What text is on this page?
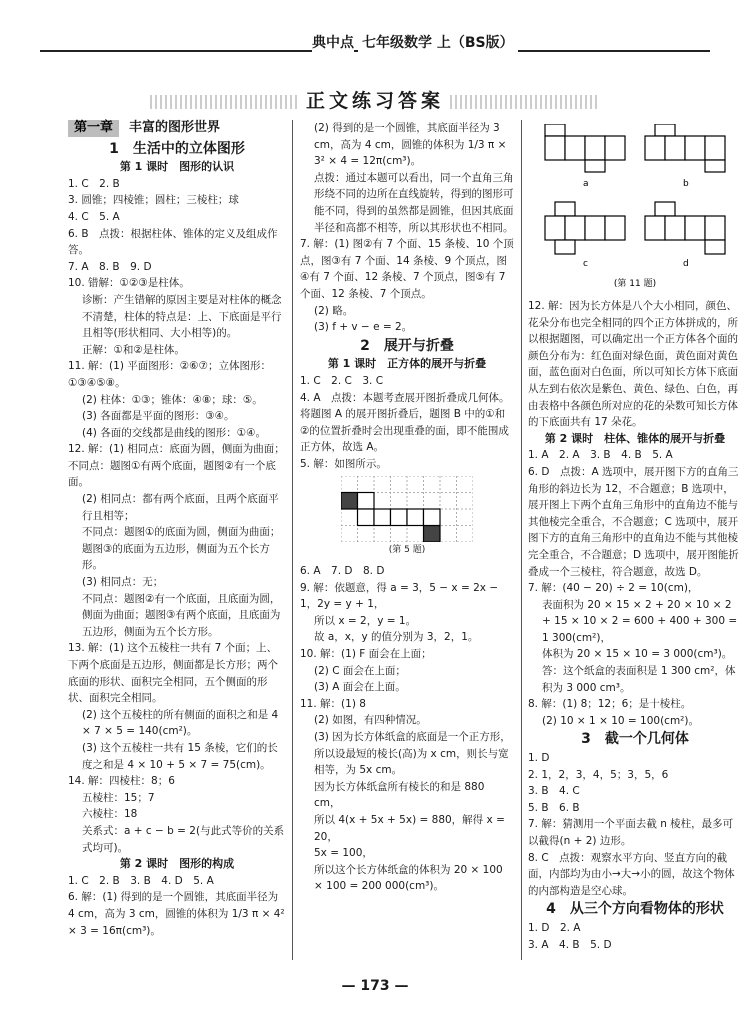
典中点 七年级数学 上（BS版）
正文练习答案
第一章 丰富的图形世界

1　生活中的立体图形

第 1 课时　图形的认识

1. C　2. B

3. 圆锥；四棱锥；圆柱；三棱柱；球

4. C　5. A

6. B　点拨：根据柱体、锥体的定义及组成作答。

7. A　8. B　9. D

10. 错解：①②③是柱体。

诊断：产生错解的原因主要是对柱体的概念不清楚，柱体的特点是：上、下底面是平行且相等(形状相同、大小相等)的。

正解：①和②是柱体。

11. 解：(1) 平面图形：②⑥⑦；立体图形：①③④⑤⑧。

(2) 柱体：①③；锥体：④⑧；球：⑤。

(3) 各面都是平面的图形：③④。

(4) 各面的交线都是曲线的图形：①④。

12. 解：(1) 相同点：底面为圆，侧面为曲面；不同点：题图①有两个底面，题图②有一个底面。

(2) 相同点：都有两个底面，且两个底面平行且相等；

不同点：题图①的底面为圆，侧面为曲面；题图③的底面为五边形，侧面为五个长方形。

(3) 相同点：无；

不同点：题图②有一个底面，且底面为圆，侧面为曲面；题图③有两个底面，且底面为五边形，侧面为五个长方形。

13. 解：(1) 这个五棱柱一共有 7 个面；上、下两个底面是五边形，侧面都是长方形；两个底面的形状、面积完全相同，五个侧面的形状、面积完全相同。

(2) 这个五棱柱的所有侧面的面积之和是 4 × 7 × 5 = 140(cm²)。

(3) 这个五棱柱一共有 15 条棱，它们的长度之和是 4 × 10 + 5 × 7 = 75(cm)。

14. 解：四棱柱：8；6

五棱柱：15；7

六棱柱：18

关系式：a + c − b = 2(与此式等价的关系式均可)。

第 2 课时　图形的构成

1. C　2. B　3. B　4. D　5. A

6. 解：(1) 得到的是一个圆锥，其底面半径为 4 cm，高为 3 cm，圆锥的体积为 1/3 π × 4² × 3 = 16π(cm³)。

(2) 得到的是一个圆锥，其底面半径为 3 cm，高为 4 cm，圆锥的体积为 1/3 π × 3² × 4 = 12π(cm³)。

点拨：通过本题可以看出，同一个直角三角形绕不同的边所在直线旋转，得到的图形可能不同，得到的虽然都是圆锥，但因其底面半径和高都不相等，所以其形状也不相同。

7. 解：(1) 图②有 7 个面、15 条棱、10 个顶点，图③有 7 个面、14 条棱、9 个顶点，图④有 7 个面、12 条棱、7 个顶点，图⑤有 7 个面、12 条棱、7 个顶点。

(2) 略。

(3) f + v − e = 2。

2　展开与折叠

第 1 课时　正方体的展开与折叠

1. C　2. C　3. C

4. A　点拨：本题考查展开图折叠成几何体。将题图 A 的展开图折叠后，题图 B 中的①和②的位置折叠时会出现重叠的面，即不能围成正方体，故选 A。

5. 解：如图所示。

(第 5 题)

6. A　7. D　8. D

9. 解：依题意，得 a = 3，5 − x = 2x − 1，2y = y + 1，

所以 x = 2，y = 1。

故 a，x，y 的值分别为 3，2，1。

10. 解：(1) F 面会在上面；

(2) C 面会在上面；

(3) A 面会在上面。

11. 解：(1) 8

(2) 如图，有四种情况。

(3) 因为长方体纸盒的底面是一个正方形，

所以设最短的棱长(高)为 x cm，则长与宽相等，为 5x cm。

因为长方体纸盒所有棱长的和是 880 cm，

所以 4(x + 5x + 5x) = 880，解得 x = 20，

5x = 100，

所以这个长方体纸盒的体积为 20 × 100 × 100 = 200 000(cm³)。

a	b
c	d
(第 11 题)

12. 解：因为长方体是八个大小相同，颜色、花朵分布也完全相同的四个正方体拼成的，所以根据题图，可以确定出一个正方体各个面的颜色分布为：红色面对绿色面，黄色面对黄色面，蓝色面对白色面，所以可知长方体下底面从左到右依次是紫色、黄色、绿色、白色，再由表格中各颜色所对应的花的朵数可知长方体的下底面共有 17 朵花。

第 2 课时　柱体、锥体的展开与折叠

1. A　2. A　3. B　4. B　5. A

6. D　点拨：A 选项中，展开图下方的直角三角形的斜边长为 12，不合题意；B 选项中，展开图上下两个直角三角形中的直角边不能与其他棱完全重合，不合题意；C 选项中，展开图下方的直角三角形中的直角边不能与其他棱完全重合，不合题意；D 选项中，展开图能折叠成一个三棱柱，符合题意，故选 D。

7. 解：(40 − 20) ÷ 2 = 10(cm)，

表面积为 20 × 15 × 2 + 20 × 10 × 2 + 15 × 10 × 2 = 600 + 400 + 300 = 1 300(cm²)，

体积为 20 × 15 × 10 = 3 000(cm³)。

答：这个纸盒的表面积是 1 300 cm²，体积为 3 000 cm³。

8. 解：(1) 8；12；6；是十棱柱。

(2) 10 × 1 × 10 = 100(cm²)。

3　截一个几何体

1. D

2. 1，2，3，4，5；3，5，6

3. B　4. C

5. B　6. B

7. 解：猜测用一个平面去截 n 棱柱，最多可以截得(n + 2) 边形。

8. C　点拨：观察水平方向、竖直方向的截面，内部均为由小→大→小的圆，故这个物体的内部构造是空心球。

4　从三个方向看物体的形状

1. D　2. A

3. A　4. B　5. D

— 173 —
